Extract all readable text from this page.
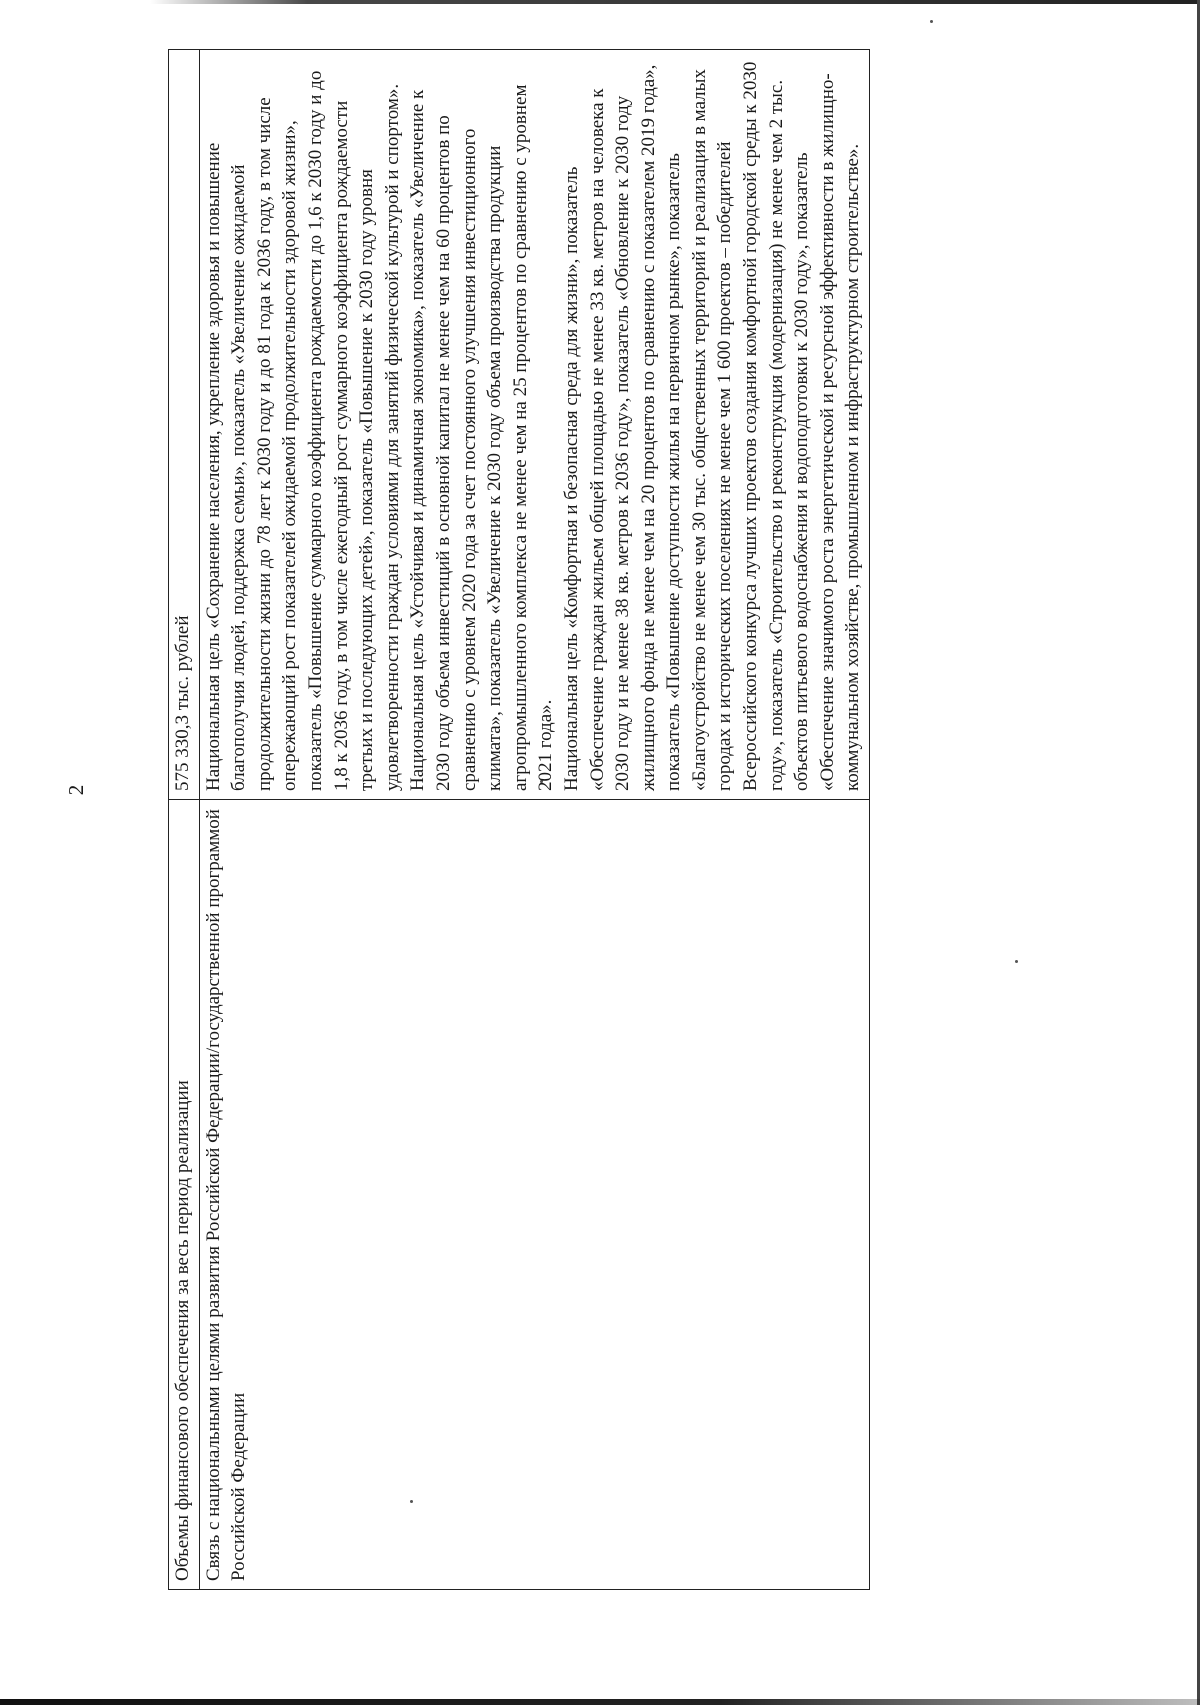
2
Объемы финансового обеспечения за весь период реализации	575 330,3 тыс. рублей

Связь с национальными целями развития Российской Федерации/государственной программой Российской Федерации	Национальная цель «Сохранение населения, укрепление здоровья и повышение благополучия людей, поддержка семьи», показатель «Увеличение ожидаемой продолжительности жизни до 78 лет к 2030 году и до 81 года к 2036 году, в том числе опережающий рост показателей ожидаемой продолжительности здоровой жизни», показатель «Повышение суммарного коэффициента рождаемости до 1,6 к 2030 году и до 1,8 к 2036 году, в том числе ежегодный рост суммарного коэффициента рождаемости третьих и последующих детей», показатель «Повышение к 2030 году уровня удовлетворенности граждан условиями для занятий физической культурой и спортом».
Национальная цель «Устойчивая и динамичная экономика», показатель «Увеличение к 2030 году объема инвестиций в основной капитал не менее чем на 60 процентов по сравнению с уровнем 2020 года за счет постоянного улучшения инвестиционного климата», показатель «Увеличение к 2030 году объема производства продукции агропромышленного комплекса не менее чем на 25 процентов по сравнению с уровнем 2021 года».
Национальная цель «Комфортная и безопасная среда для жизни», показатель «Обеспечение граждан жильем общей площадью не менее 33 кв. метров на человека к 2030 году и не менее 38 кв. метров к 2036 году», показатель «Обновление к 2030 году жилищного фонда не менее чем на 20 процентов по сравнению с показателем 2019 года», показатель «Повышение доступности жилья на первичном рынке», показатель «Благоустройство не менее чем 30 тыс. общественных территорий и реализация в малых городах и исторических поселениях не менее чем 1 600 проектов – победителей Всероссийского конкурса лучших проектов создания комфортной городской среды к 2030 году», показатель «Строительство и реконструкция (модернизация) не менее чем 2 тыс. объектов питьевого водоснабжения и водоподготовки к 2030 году», показатель «Обеспечение значимого роста энергетической и ресурсной эффективности в жилищно-коммунальном хозяйстве, промышленном и инфраструктурном строительстве».
